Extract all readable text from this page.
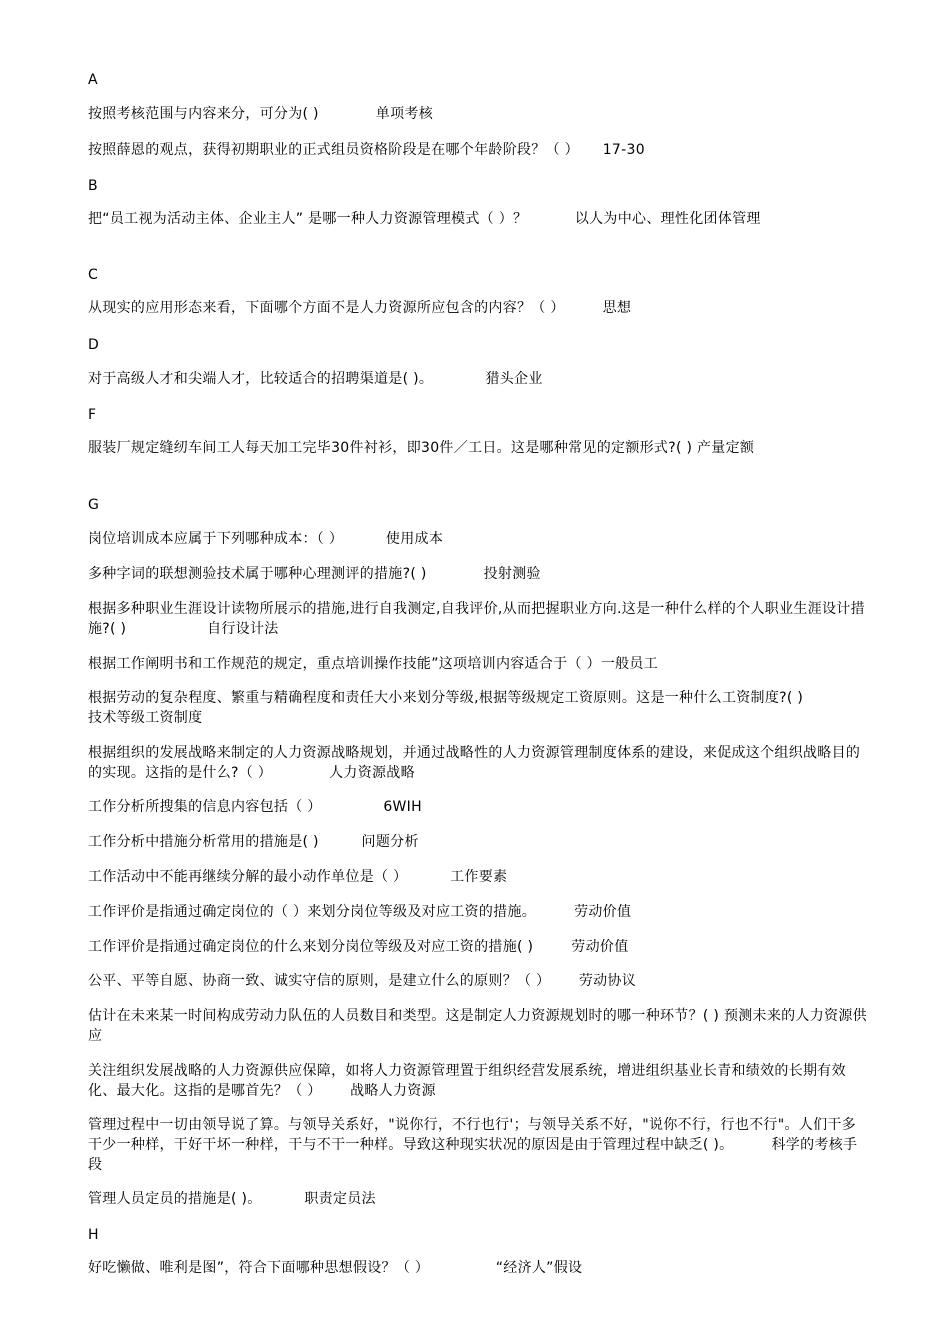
A
按照考核范围与内容来分，可分为( )	单项考核
按照薛恩的观点，获得初期职业的正式组员资格阶段是在哪个年龄阶段？（ ） 17-30
B
把“员工视为活动主体、企业主人” 是哪一种人力资源管理模式（ ）？	以人为中心、理性化团体管理
C
从现实的应用形态来看，下面哪个方面不是人力资源所应包含的内容？（ ）	思想
D
对于高级人才和尖端人才，比较适合的招聘渠道是( )。	猎头企业
F
服装厂规定缝纫车间工人每天加工完毕30件衬衫，即30件／工日。这是哪种常见的定额形式?( ) 产量定额
G
岗位培训成本应属于下列哪种成本：（ ）	使用成本
多种字词的联想测验技术属于哪种心理测评的措施?( )	投射测验
根据多种职业生涯设计读物所展示的措施,进行自我测定,自我评价,从而把握职业方向.这是一种什么样的个人职业生涯设计措施?( )	自行设计法
根据工作阐明书和工作规范的规定，重点培训操作技能”这项培训内容适合于（ ）一般员工
根据劳动的复杂程度、繁重与精确程度和责任大小来划分等级,根据等级规定工资原则。这是一种什么工资制度?( )              技术等级工资制度
根据组织的发展战略来制定的人力资源战略规划，并通过战略性的人力资源管理制度体系的建设，来促成这个组织战略目的的实现。这指的是什么?（ ）	人力资源战略
工作分析所搜集的信息内容包括（ ）	6WIH
工作分析中措施分析常用的措施是( )	问题分析
工作活动中不能再继续分解的最小动作单位是（ ）	工作要素
工作评价是指通过确定岗位的（ ）来划分岗位等级及对应工资的措施。	劳动价值
工作评价是指通过确定岗位的什么来划分岗位等级及对应工资的措施( )	劳动价值
公平、平等自愿、协商一致、诚实守信的原则，是建立什么的原则？（ ） 劳动协议
估计在未来某一时间构成劳动力队伍的人员数目和类型。这是制定人力资源规划时的哪一种环节？( ) 预测未来的人力资源供应
关注组织发展战略的人力资源供应保障，如将人力资源管理置于组织经营发展系统，增进组织基业长青和绩效的长期有效化、最大化。这指的是哪首先？（ ） 战略人力资源
管理过程中一切由领导说了算。与领导关系好，"说你行，不行也行'；与领导关系不好，"说你不行，行也不行"。人们干多干少一种样，干好干坏一种样，干与不干一种样。导致这种现实状况的原因是由于管理过程中缺乏( )。	科学的考核手段
管理人员定员的措施是( )。	职责定员法
H
好吃懒做、唯利是图”，符合下面哪种思想假设？（ ）	“经济人”假设
